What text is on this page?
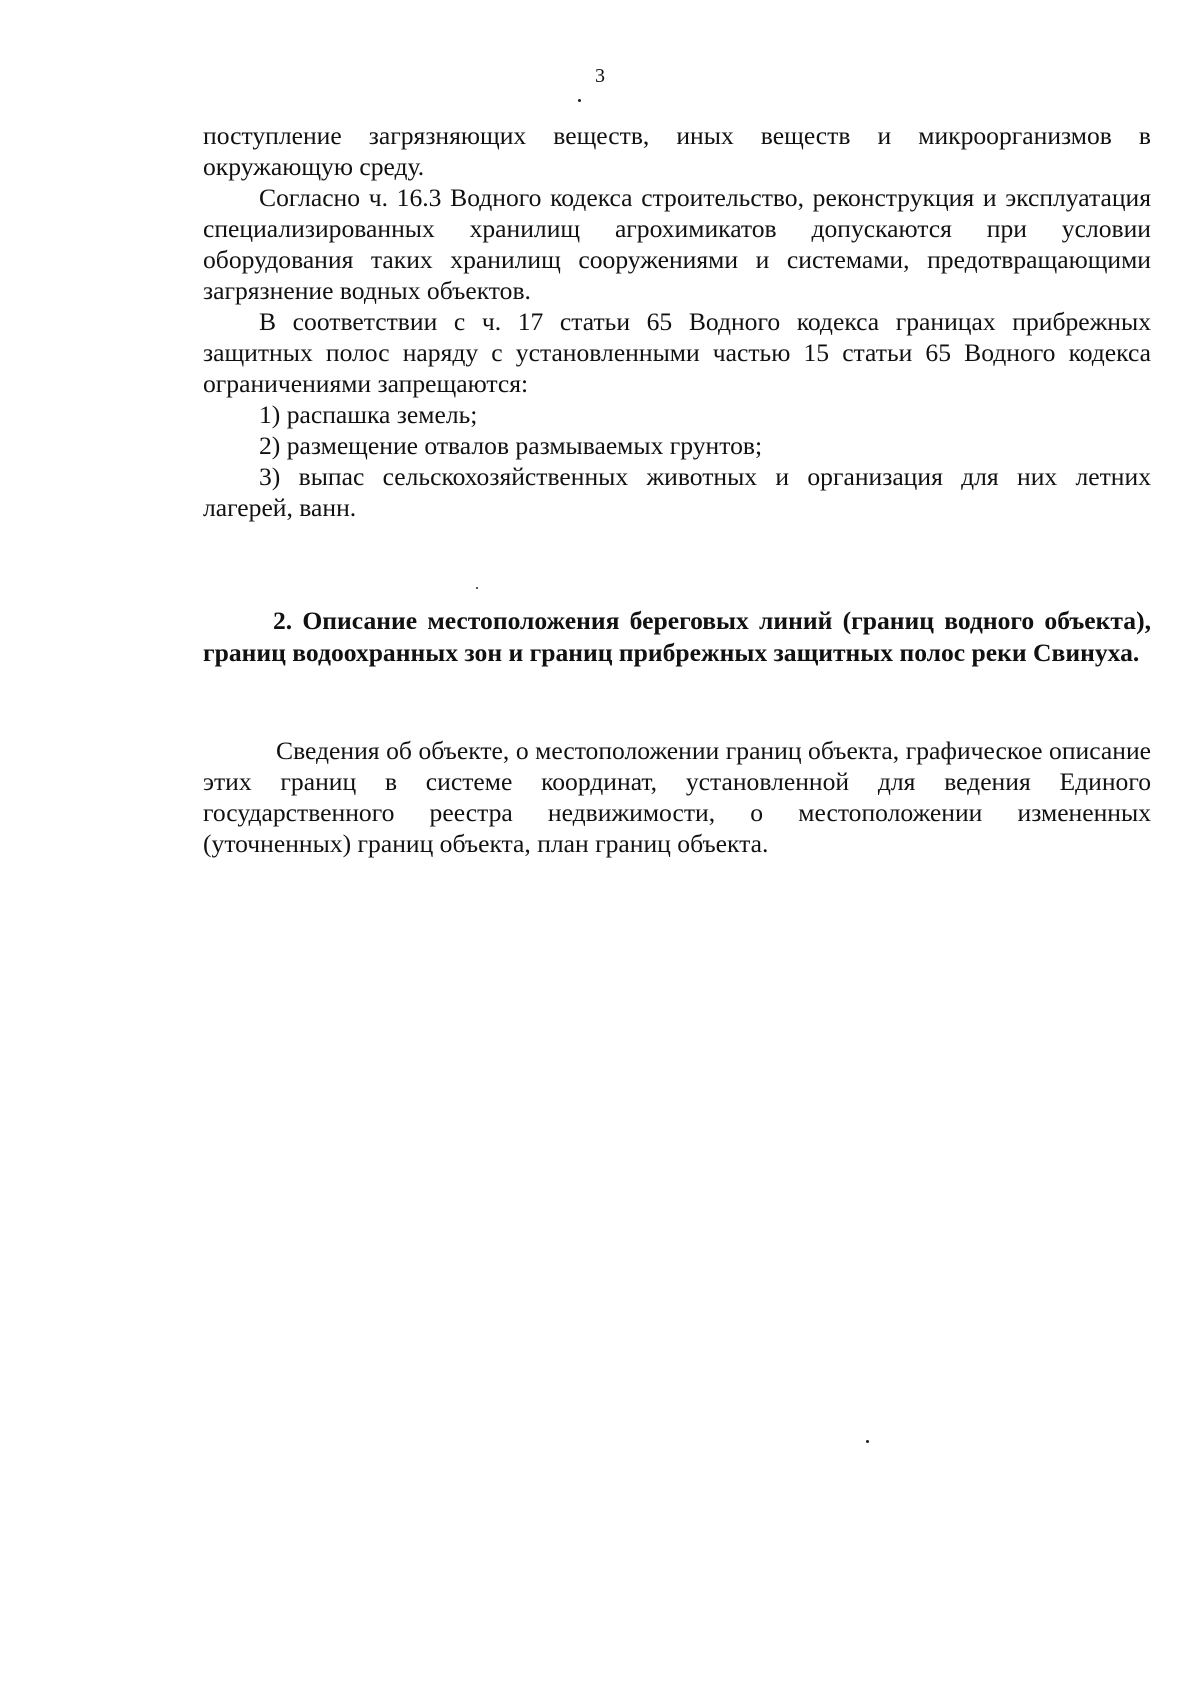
3

поступление загрязняющих веществ, иных веществ и микроорганизмов в окружающую среду.

Согласно ч. 16.3 Водного кодекса строительство, реконструкция и эксплуатация специализированных хранилищ агрохимикатов допускаются при условии оборудования таких хранилищ сооружениями и системами, предотвращающими загрязнение водных объектов.

В соответствии с ч. 17 статьи 65 Водного кодекса границах прибрежных защитных полос наряду с установленными частью 15 статьи 65 Водного кодекса ограничениями запрещаются:

1) распашка земель;

2) размещение отвалов размываемых грунтов;

3) выпас сельскохозяйственных животных и организация для них летних лагерей, ванн.

2. Описание местоположения береговых линий (границ водного объекта), границ водоохранных зон и границ прибрежных защитных полос реки Свинуха.

Сведения об объекте, о местоположении границ объекта, графическое описание этих границ в системе координат, установленной для ведения Единого государственного реестра недвижимости, о местоположении измененных (уточненных) границ объекта, план границ объекта.
